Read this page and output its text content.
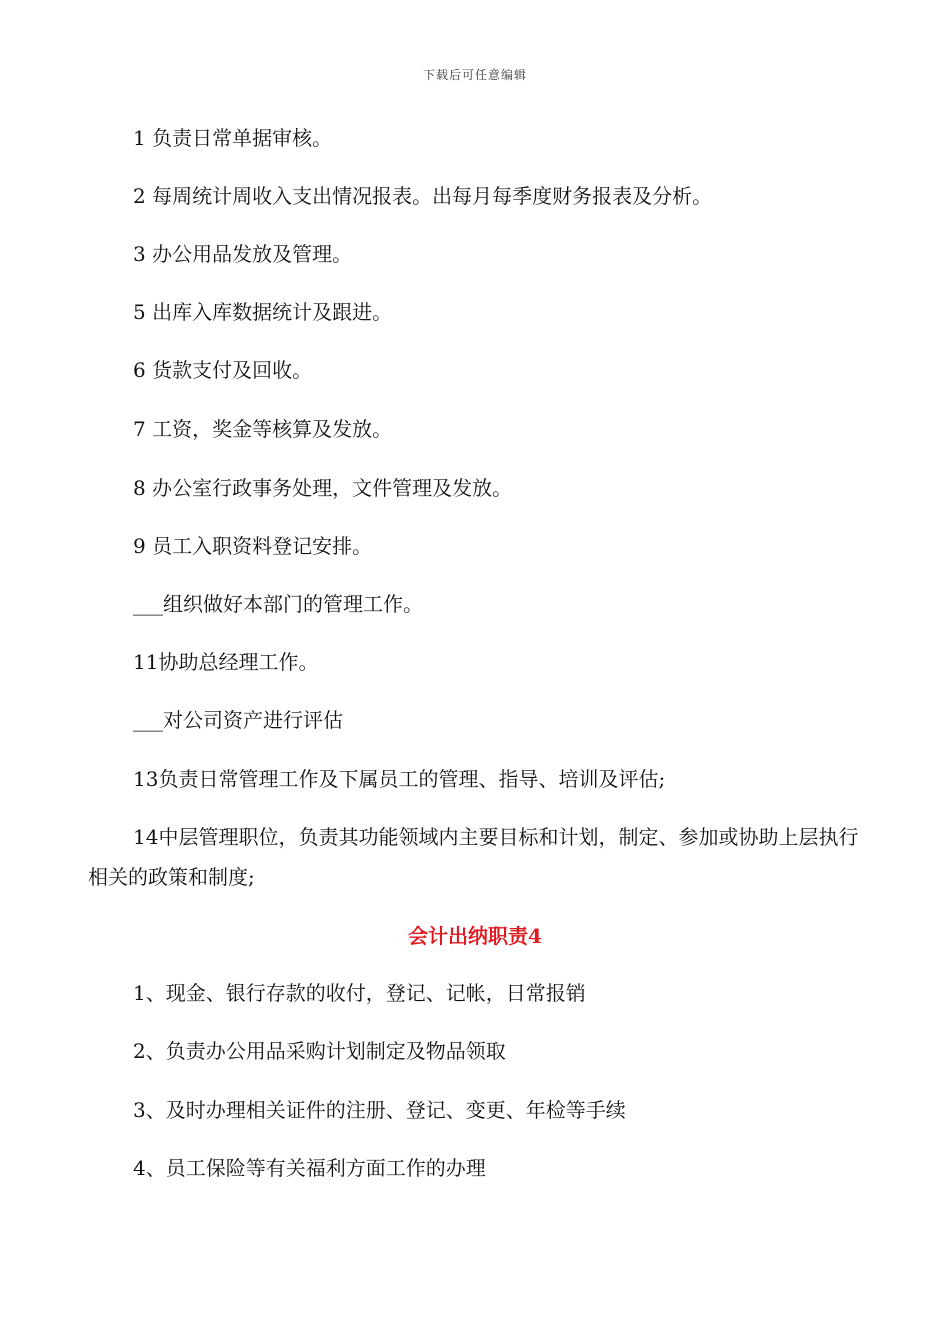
下载后可任意编辑
1 负责日常单据审核。
2 每周统计周收入支出情况报表。出每月每季度财务报表及分析。
3 办公用品发放及管理。
5 出库入库数据统计及跟进。
6 货款支付及回收。
7 工资，奖金等核算及发放。
8 办公室行政事务处理，文件管理及发放。
9 员工入职资料登记安排。
___组织做好本部门的管理工作。
11协助总经理工作。
___对公司资产进行评估
13负责日常管理工作及下属员工的管理、指导、培训及评估;
14中层管理职位，负责其功能领域内主要目标和计划，制定、参加或协助上层执行相关的政策和制度;
会计出纳职责4
1、现金、银行存款的收付，登记、记帐，日常报销
2、负责办公用品采购计划制定及物品领取
3、及时办理相关证件的注册、登记、变更、年检等手续
4、员工保险等有关福利方面工作的办理
